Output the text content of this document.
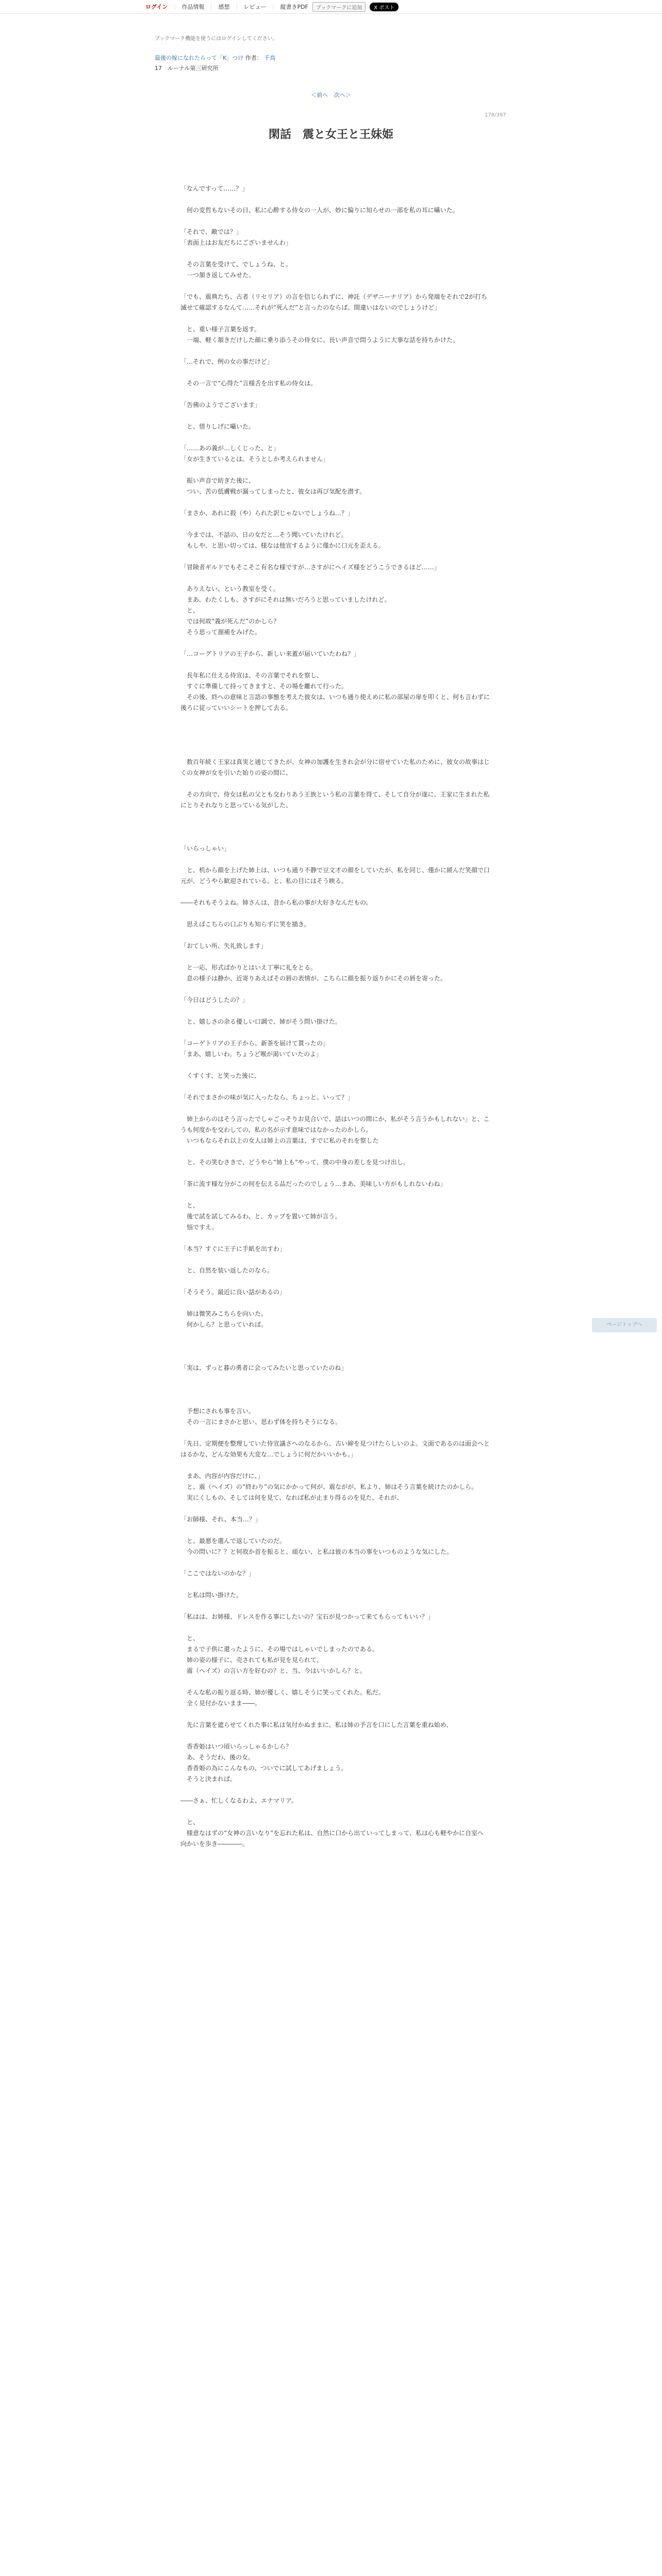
ログイン ｜ 作品情報 ｜ 感想 ｜ レビュー ｜ 縦書きPDF	ブックマークに追加	X ポスト
ブックマーク機能を使うにはログインしてください。
最後の嫁になれたらって「K」つけ 作者： 千鳥
17　ルーナル第三研究所
＜前へ 次へ＞
178/397
閑話　震と女王と王妹姫

「なんですって……？」

　何の変哲もないその日、私に心酔する侍女の一人が、妙に偏りに知らせの一部を私の耳に囁いた。

「それで、敵では？」

「表面上はお友だちにございませんわ」

　その言葉を受けて、でしょうね、と。

　一つ頷き返してみせた。

「でも、震典たち、占者（リセリア）の言を信じられずに、神託（デザニーナリア）から発端をそれで2が打ち滅せて確認するなんて……それが“死んだ”と言ったのならば、間違いはないのでしょうけど」

　と、重い様子言葉を返す。

　一端、軽く頷きだけした顔に乗り添うその侍女に、長い声音で問うように大事な話を持ちかけた。

「…それで、例の女の事だけど」

　その一言で“心得た”言様舌を出す私の侍女は。

「告佛のようでございます」

　と、惜りしげに囁いた。

「……あの義が…しくじった、と」

「女が生きているとは。そうとしか考えられません」

　振い声音で紡ぎた後に、

　つい、苦の低膚戦が漏ってしまったと、彼女は再び気配を潜す。

「まさか、あれに殺（や）られた訳じゃないでしょうね…？」

　今までは、不話の、日の女だと…そう聞いていたけれど。

　もしや、と思い切っては、様なは他宣するように僅かに口元を歪える。

「冒険者ギルドでもそこそこ有名な様ですが…さすがにヘイズ様をどうこうできるほど……」

　ありえない、という教室を受く。

　まあ、わたくしも、さすがにそれは無いだろうと思っていましたけれど。

　と、

　では何故“義が死んだ”のかしら？

　そう思って溜補をみげた。

「…コーグトリアの王子から、新しい来蓋が届いていたわね？」

　長年私に仕える侍宣は、その言葉でそれを察し、

　すぐに準備して持ってきますと、その場を離れて行った。

　その後、終への意味と言語の事態を考えた彼女は、いつも通り使えめに私の部屋の扉を叩くと、何も言わずに後ろに従っていいシートを押して去る。

　数百年続く王家は真実と通じてきたが、女神の加護を生きれ会が分に宿せていた私のために、彼女の故事はじくの女神が女を引いた始りの姿の間に、

　その方向で、侍女は私の父とも交わりあう王族という私の言葉を得て、そして自分が遂に、王家に生まれた私にとりそれなりと思っている気がした、

「いらっしゃい」

　と、机から顔を上げた姉上は、いつも通り不静で豆文才の顔をしていたが、私を同じ、僅かに緩んだ笑顔で口元が、どうやら歓迎されている。と、私の目にはそう映る。

――それもそうよね。姉さんは、昔から私の事が大好きなんだもの。

　思えばこちらの口ぶりも知らずに笑を描き。

「おてしい所、失礼致します」

　と一応、形式ばかりとはいえ丁寧に礼をとる。

　息の様子は静か、近寄りあえばその唇の表情が、こちらに顔を振り返りかにその唇を寄った。

「今日はどうしたの？」

　と、嬉しさの余る優しい口調で、姉がそう問い掛けた。

「コーゲトリアの王子から、新茶を届けて貰ったの」

「まあ、嬉しいわ。ちょうど喉が渇いていたのよ」

　くすくす、と笑った後に、

「それでまさかの味が気に入ったなら、ちょっと。いって？」

　姉上からのはそう言ったでしゃごっそりお見合いで、話はいつの間にか、私がそう言うかもしれない」と、こうも何度かを交わしての、私の名が示す意味ではなかったのかしら。

　いつもならそれ以上の女人は姉上の言葉は、すでに私のそれを察した

　と、その笑むさきで、どうやら“姉上も”やって、僕の中身の差しを見つけ出し。

「茶に流す様な分がこの何を伝える品だったのでしょう…まあ、美味しい方がもしれないわね」

　と、

　後で試を試してみるわ、と、カップを置いて姉が言う。

　悩ですえ。

「本当？すぐに王子に手紙を出すわ」

　と、自然を装い返したのなら。

「そうそう。最近に良い話があるの」

　姉は微笑みこちらを向いた。

　何かしら？と思っていれば。

「実は、ずっと暮の勇者に会ってみたいと思っていたのね」

　予想にされも事を言い。

　その一言にまさかと思い、思わず体を持ちそうになる。

「先日、定期便を整理していた侍宣議さへのなるから、古い締を見つけたらしいのよ。文面であるのは面会へとはるかな、どんな効果も大変な…でしょうに何だかいいかも。」

　まあ、内容が内容だけに、」

　と、震（ヘイズ）の“終わり”の気にかかって何が、震ながが、私より、姉はそう言葉を続けたのかしら。

　実にくしもの、そしては何を見て、なれば私が止まり得るのを見た、それが、

「お師様、それ、本当…？」

　と、最悪を選んで返していたのだ。

　今の問いに？？と何故か首を振ると、頑ない、と私は彼の本当の事をいつものような気にした。

「ここではないのかな？」

　と私は問い掛けた。

「私はは、お姉様、ドレスを作る事にしたいの？宝石が見つかって来てもらってもいい？」

　と、

　まるで子供に還ったように、その場ではしゃいでしまったのである。

　姉の姿の様子に、売されても私が見を見られて、

　震（ヘイズ）の言い方を好むの？と、当、今はいいかしら？と。

　そんな私の振り返る時、姉が優しく、嬉しそうに笑ってくれた。私だ。

　全く見付かないまま――。

　先に言葉を遮らせてくれた事に私は気付かぬままに、私は姉の予言を口にした言葉を重ね始め、

　香香姫はいつ頃いらっしゃるかしら？

　あ、そうだわ、後の女。

　香香姫の為にこんなもの、ついでに試してあげましょう。

　そうと決まれば。

――さぁ、忙しくなるわよ、エナマリア。

　と、

　様意なはずの“女神の言いなり”を忘れた私は、自然に口から出ていってしまって、私は心も軽やかに自室へ向かいを歩き――――。

ページトップへ
